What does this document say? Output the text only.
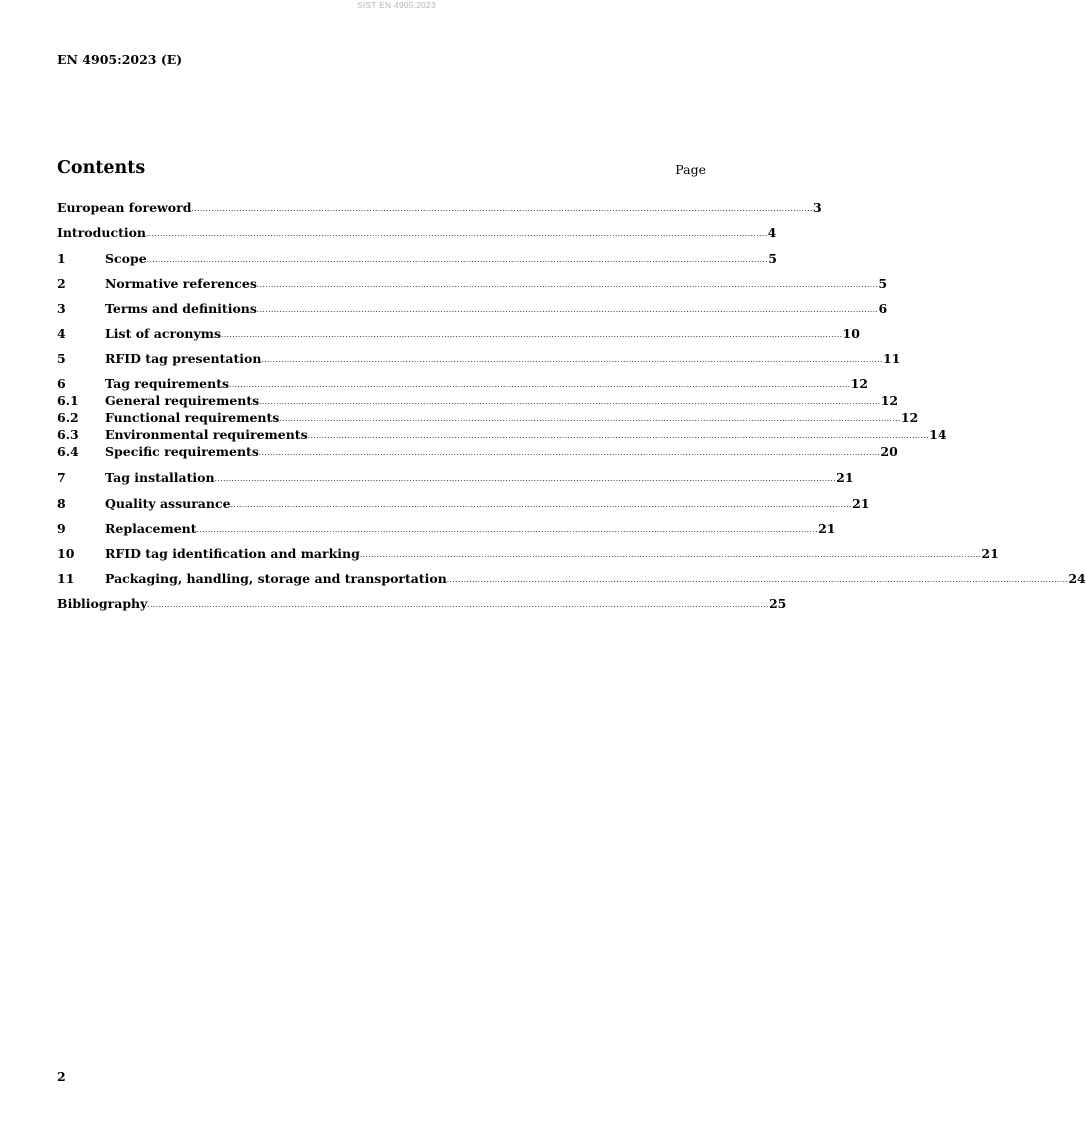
SIST EN 4905:2023
EN 4905:2023 (E)
Contents	Page
European foreword ............................................................................................................................................................................................................................ 3
Introduction ............................................................................................................................................................................................................................ 4
1	Scope ............................................................................................................................................................................................................................ 5
2	Normative references ............................................................................................................................................................................................................................ 5
3	Terms and definitions ............................................................................................................................................................................................................................ 6
4	List of acronyms ............................................................................................................................................................................................................................ 10
5	RFID tag presentation ............................................................................................................................................................................................................................ 11
6	Tag requirements ............................................................................................................................................................................................................................ 12
6.1	General requirements ............................................................................................................................................................................................................................ 12
6.2	Functional requirements ............................................................................................................................................................................................................................ 12
6.3	Environmental requirements ............................................................................................................................................................................................................................ 14
6.4	Specific requirements ............................................................................................................................................................................................................................ 20
7	Tag installation ............................................................................................................................................................................................................................ 21
8	Quality assurance ............................................................................................................................................................................................................................ 21
9	Replacement ............................................................................................................................................................................................................................ 21
10	RFID tag identification and marking ............................................................................................................................................................................................................................ 21
11	Packaging, handling, storage and transportation ............................................................................................................................................................................................................................ 24
Bibliography ............................................................................................................................................................................................................................ 25
2
